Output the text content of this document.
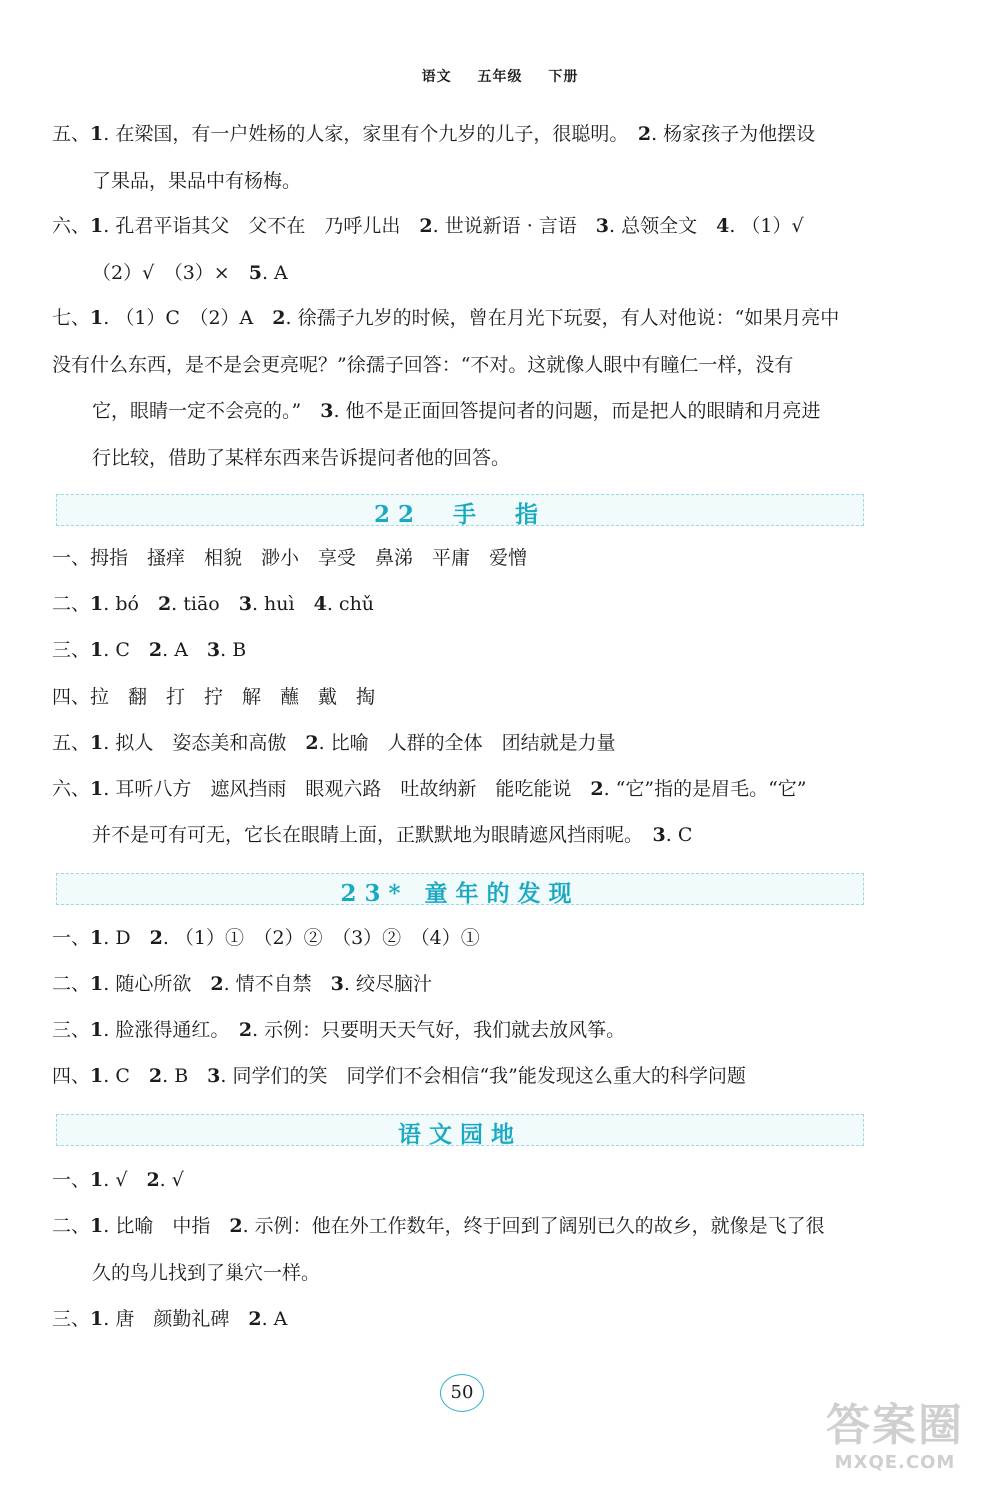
语文 五年级 下册
五、1. 在梁国，有一户姓杨的人家，家里有个九岁的儿子，很聪明。　2. 杨家孩子为他摆设
了果品，果品中有杨梅。
六、1. 孔君平诣其父　父不在　乃呼儿出　2. 世说新语 · 言语　3. 总领全文　4. （1）√
（2）√　（3）×　5. A
七、1. （1）C　（2）A　2. 徐孺子九岁的时候，曾在月光下玩耍，有人对他说：“如果月亮中
没有什么东西，是不是会更亮呢？”徐孺子回答：“不对。这就像人眼中有瞳仁一样，没有
它，眼睛一定不会亮的。”　3. 他不是正面回答提问者的问题，而是把人的眼睛和月亮进
行比较，借助了某样东西来告诉提问者他的回答。
22　手　指
一、拇指　搔痒　相貌　渺小　享受　鼻涕　平庸　爱憎
二、1. bó　2. tiāo　3. huì　4. chǔ
三、1. C　2. A　3. B
四、拉　翻　打　拧　解　蘸　戴　掏
五、1. 拟人　姿态美和高傲　2. 比喻　人群的全体　团结就是力量
六、1. 耳听八方　遮风挡雨　眼观六路　吐故纳新　能吃能说　2. “它”指的是眉毛。“它”
并不是可有可无，它长在眼睛上面，正默默地为眼睛遮风挡雨呢。　3. C
23* 童年的发现
一、1. D　2. （1）①　（2）②　（3）②　（4）①
二、1. 随心所欲　2. 情不自禁　3. 绞尽脑汁
三、1. 脸涨得通红。　2. 示例：只要明天天气好，我们就去放风筝。
四、1. C　2. B　3. 同学们的笑　同学们不会相信“我”能发现这么重大的科学问题
语文园地
一、1. √　2. √
二、1. 比喻　中指　2. 示例：他在外工作数年，终于回到了阔别已久的故乡，就像是飞了很
久的鸟儿找到了巢穴一样。
三、1. 唐　颜勤礼碑　2. A
50
答案圈
MXQE.COM
